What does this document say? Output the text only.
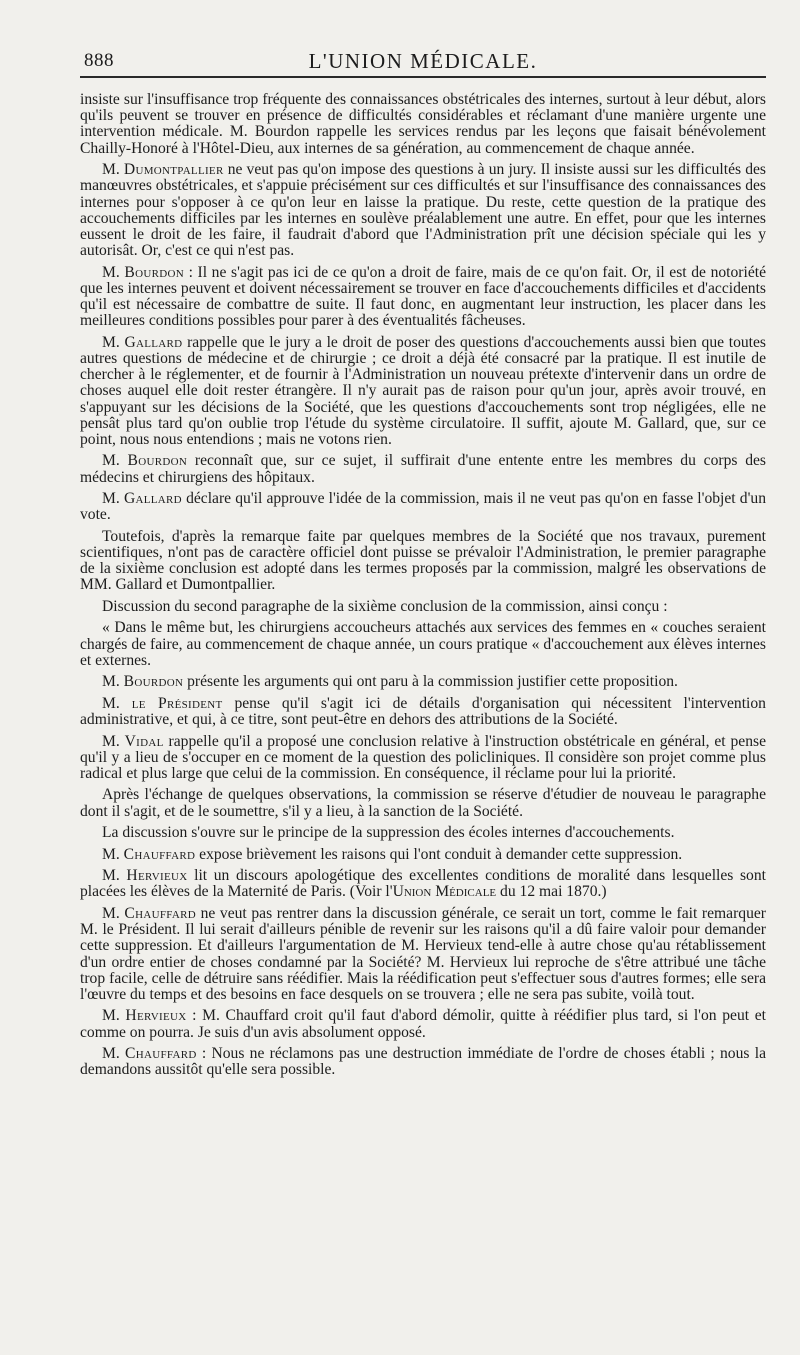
888	L'UNION MÉDICALE.

insiste sur l'insuffisance trop fréquente des connaissances obstétricales des internes, surtout à leur début, alors qu'ils peuvent se trouver en présence de difficultés considérables et réclamant d'une manière urgente une intervention médicale. M. Bourdon rappelle les services rendus par les leçons que faisait bénévolement Chailly-Honoré à l'Hôtel-Dieu, aux internes de sa génération, au commencement de chaque année.

M. Dumontpallier ne veut pas qu'on impose des questions à un jury. Il insiste aussi sur les difficultés des manœuvres obstétricales, et s'appuie précisément sur ces difficultés et sur l'insuffisance des connaissances des internes pour s'opposer à ce qu'on leur en laisse la pratique. Du reste, cette question de la pratique des accouchements difficiles par les internes en soulève préalablement une autre. En effet, pour que les internes eussent le droit de les faire, il faudrait d'abord que l'Administration prît une décision spéciale qui les y autorisât. Or, c'est ce qui n'est pas.

M. Bourdon : Il ne s'agit pas ici de ce qu'on a droit de faire, mais de ce qu'on fait. Or, il est de notoriété que les internes peuvent et doivent nécessairement se trouver en face d'accouchements difficiles et d'accidents qu'il est nécessaire de combattre de suite. Il faut donc, en augmentant leur instruction, les placer dans les meilleures conditions possibles pour parer à des éventualités fâcheuses.

M. Gallard rappelle que le jury a le droit de poser des questions d'accouchements aussi bien que toutes autres questions de médecine et de chirurgie ; ce droit a déjà été consacré par la pratique. Il est inutile de chercher à le réglementer, et de fournir à l'Administration un nouveau prétexte d'intervenir dans un ordre de choses auquel elle doit rester étrangère. Il n'y aurait pas de raison pour qu'un jour, après avoir trouvé, en s'appuyant sur les décisions de la Société, que les questions d'accouchements sont trop négligées, elle ne pensât plus tard qu'on oublie trop l'étude du système circulatoire. Il suffit, ajoute M. Gallard, que, sur ce point, nous nous entendions ; mais ne votons rien.

M. Bourdon reconnaît que, sur ce sujet, il suffirait d'une entente entre les membres du corps des médecins et chirurgiens des hôpitaux.

M. Gallard déclare qu'il approuve l'idée de la commission, mais il ne veut pas qu'on en fasse l'objet d'un vote.

Toutefois, d'après la remarque faite par quelques membres de la Société que nos travaux, purement scientifiques, n'ont pas de caractère officiel dont puisse se prévaloir l'Administration, le premier paragraphe de la sixième conclusion est adopté dans les termes proposés par la commission, malgré les observations de MM. Gallard et Dumontpallier.

Discussion du second paragraphe de la sixième conclusion de la commission, ainsi conçu :

« Dans le même but, les chirurgiens accoucheurs attachés aux services des femmes en « couches seraient chargés de faire, au commencement de chaque année, un cours pratique « d'accouchement aux élèves internes et externes.

M. Bourdon présente les arguments qui ont paru à la commission justifier cette proposition.

M. le Président pense qu'il s'agit ici de détails d'organisation qui nécessitent l'intervention administrative, et qui, à ce titre, sont peut-être en dehors des attributions de la Société.

M. Vidal rappelle qu'il a proposé une conclusion relative à l'instruction obstétricale en général, et pense qu'il y a lieu de s'occuper en ce moment de la question des policliniques. Il considère son projet comme plus radical et plus large que celui de la commission. En conséquence, il réclame pour lui la priorité.

Après l'échange de quelques observations, la commission se réserve d'étudier de nouveau le paragraphe dont il s'agit, et de le soumettre, s'il y a lieu, à la sanction de la Société.

La discussion s'ouvre sur le principe de la suppression des écoles internes d'accouchements.

M. Chauffard expose brièvement les raisons qui l'ont conduit à demander cette suppression.

M. Hervieux lit un discours apologétique des excellentes conditions de moralité dans lesquelles sont placées les élèves de la Maternité de Paris. (Voir l'Union Médicale du 12 mai 1870.)

M. Chauffard ne veut pas rentrer dans la discussion générale, ce serait un tort, comme le fait remarquer M. le Président. Il lui serait d'ailleurs pénible de revenir sur les raisons qu'il a dû faire valoir pour demander cette suppression. Et d'ailleurs l'argumentation de M. Hervieux tend-elle à autre chose qu'au rétablissement d'un ordre entier de choses condamné par la Société? M. Hervieux lui reproche de s'être attribué une tâche trop facile, celle de détruire sans réédifier. Mais la réédification peut s'effectuer sous d'autres formes; elle sera l'œuvre du temps et des besoins en face desquels on se trouvera ; elle ne sera pas subite, voilà tout.

M. Hervieux : M. Chauffard croit qu'il faut d'abord démolir, quitte à réédifier plus tard, si l'on peut et comme on pourra. Je suis d'un avis absolument opposé.

M. Chauffard : Nous ne réclamons pas une destruction immédiate de l'ordre de choses établi ; nous la demandons aussitôt qu'elle sera possible.
